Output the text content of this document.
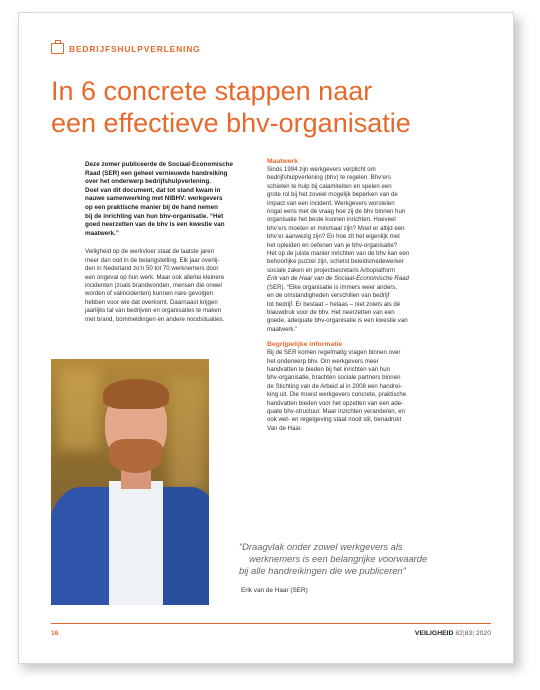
BEDRIJFSHULPVERLENING
In 6 concrete stappen naar
een effectieve bhv-organisatie

Deze zomer publiceerde de Sociaal-Economische
Raad (SER) een geheel vernieuwde handreiking
over het onderwerp bedrijfshulpverlening.
Doel van dit document, dat tot stand kwam in
nauwe samenwerking met NIBHV: werkgevers
op een praktische manier bij de hand nemen
bij de inrichting van hun bhv-organisatie. “Het
goed neerzetten van de bhv is een kwestie van
maatwerk.”

Veiligheid op de werkvloer staat de laatste jaren
meer dan ooit in de belangstelling. Elk jaar overlij-
den in Nederland zo’n 50 tot 70 werknemers door
een ongeval op hun werk. Maar ook allerlei kleinere
incidenten (zoals brandwonden, mensen die onwel
worden of valincidenten) kunnen nare gevolgen
hebben voor wie dat overkomt. Daarnaast krijgen
jaarlijks tal van bedrijven en organisaties te maken
met brand, bommeldingen en andere noodsituaties.

Maatwerk

Sinds 1994 zijn werkgevers verplicht om
bedrijfshulpverlening (bhv) te regelen. Bhv’ers
schieten te hulp bij calamiteiten en spelen een
grote rol bij het zoveel mogelijk beperken van de
impact van een incident. Werkgevers worstelen
nogal eens met de vraag hoe zij de bhv binnen hun
organisatie het beste kunnen inrichten. Hoeveel
bhv’ers moeten er minimaal zijn? Moet er altijd een
bhv’er aanwezig zijn? En hoe zit het eigenlijk met
het opleiden en oefenen van je bhv-organisatie?
Het op de juiste manier inrichten van de bhv kan een
behoorlijke puzzel zijn, schetst beleidsmedewerker
sociale zaken en projectsecretaris Arboplatform
Erik van de Haar van de Sociaal-Economische Raad
(SER). “Elke organisatie is immers weer anders,
en de omstandigheden verschillen van bedrijf
tot bedrijf. Er bestaat – helaas – niet zoiets als dé
blauwdruk voor de bhv. Het neerzetten van een
goede, adequate bhv-organisatie is een kwestie van
maatwerk.”

Begrijpelijke informatie

Bij de SER komen regelmatig vragen binnen over
het onderwerp bhv. Om werkgevers meer
handvatten te bieden bij het inrichten van hun
bhv-organisatie, brachten sociale partners binnen
de Stichting van de Arbeid al in 2008 een handrei-
king uit. Die moest werkgevers concrete, praktische
handvatten bieden voor het opzetten van een ade-
quate bhv-structuur. Maar inzichten veranderen, en
ook wet- en regelgeving staat nooit stil, benadrukt
Van de Haar.

“Draagvlak onder zowel werkgevers als
werknemers is een belangrijke voorwaarde
bij alle handreikingen die we publiceren”

Erik van de Haar (SER)
16	VEILIGHEID 82|83| 2020
